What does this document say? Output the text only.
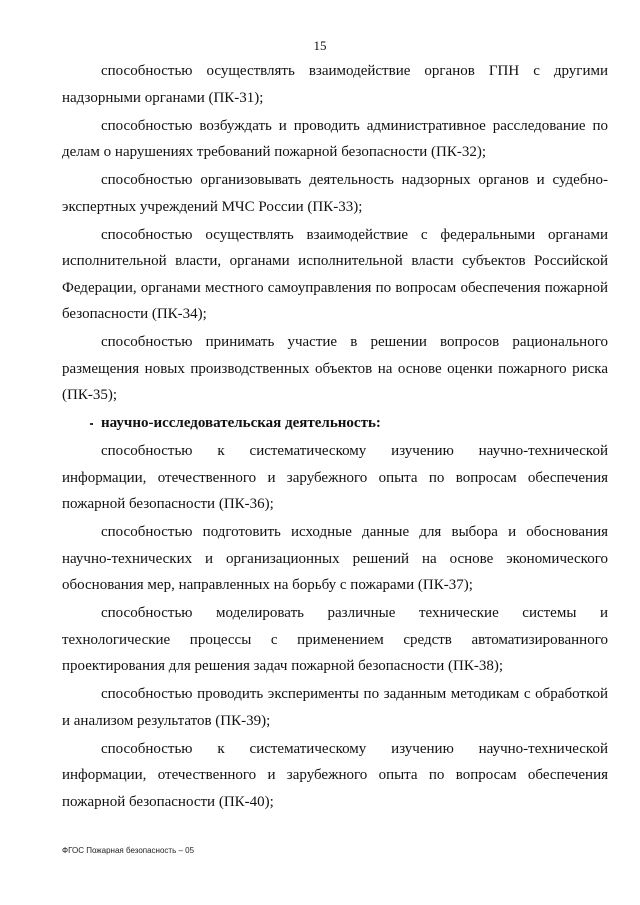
15

способностью осуществлять взаимодействие органов ГПН с другими надзорными органами (ПК-31);

способностью возбуждать и проводить административное расследование по делам о нарушениях требований пожарной безопасности (ПК-32);

способностью организовывать деятельность надзорных органов и судебно-экспертных учреждений МЧС России (ПК-33);

способностью осуществлять взаимодействие с федеральными органами исполнительной власти, органами исполнительной власти субъектов Российской Федерации, органами местного самоуправления по вопросам обеспечения пожарной безопасности (ПК-34);

способностью принимать участие в решении вопросов рационального размещения новых производственных объектов на основе оценки пожарного риска (ПК-35);

научно-исследовательская деятельность:

способностью к систематическому изучению научно-технической информации, отечественного и зарубежного опыта по вопросам обеспечения пожарной безопасности (ПК-36);

способностью подготовить исходные данные для выбора и обоснования научно-технических и организационных решений на основе экономического обоснования мер, направленных на борьбу с пожарами (ПК-37);

способностью моделировать различные технические системы и технологические процессы с применением средств автоматизированного проектирования для решения задач пожарной безопасности (ПК-38);

способностью проводить эксперименты по заданным методикам с обработкой и анализом результатов (ПК-39);

способностью к систематическому изучению научно-технической информации, отечественного и зарубежного опыта по вопросам обеспечения пожарной безопасности (ПК-40);

ФГОС Пожарная безопасность – 05
